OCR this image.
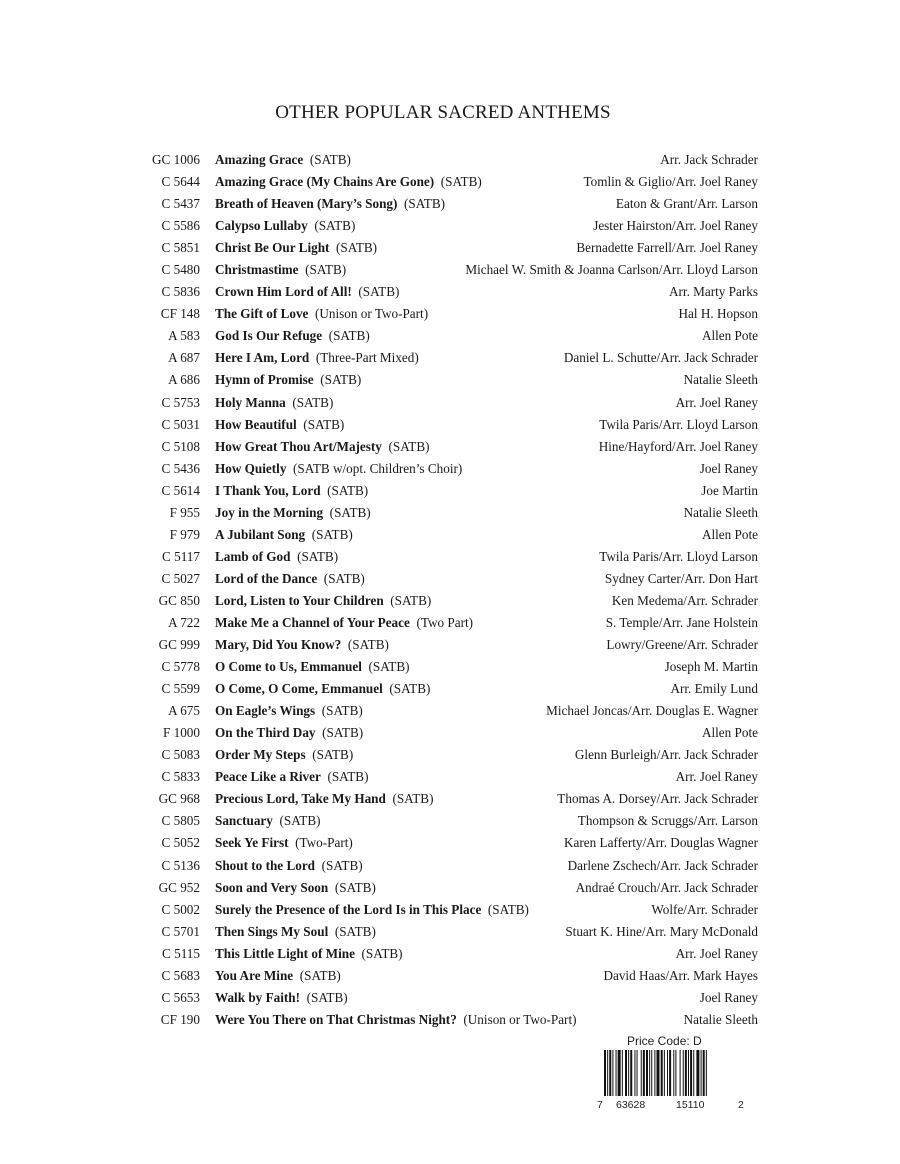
OTHER POPULAR SACRED ANTHEMS
GC 1006 Amazing Grace (SATB)	Arr. Jack Schrader
C 5644 Amazing Grace (My Chains Are Gone) (SATB)	Tomlin & Giglio/Arr. Joel Raney
C 5437 Breath of Heaven (Mary’s Song) (SATB)	Eaton & Grant/Arr. Larson
C 5586 Calypso Lullaby (SATB)	Jester Hairston/Arr. Joel Raney
C 5851 Christ Be Our Light (SATB)	Bernadette Farrell/Arr. Joel Raney
C 5480 Christmastime (SATB)	Michael W. Smith & Joanna Carlson/Arr. Lloyd Larson
C 5836 Crown Him Lord of All! (SATB)	Arr. Marty Parks
CF 148 The Gift of Love (Unison or Two-Part)	Hal H. Hopson
A 583 God Is Our Refuge (SATB)	Allen Pote
A 687 Here I Am, Lord (Three-Part Mixed)	Daniel L. Schutte/Arr. Jack Schrader
A 686 Hymn of Promise (SATB)	Natalie Sleeth
C 5753 Holy Manna (SATB)	Arr. Joel Raney
C 5031 How Beautiful (SATB)	Twila Paris/Arr. Lloyd Larson
C 5108 How Great Thou Art/Majesty (SATB)	Hine/Hayford/Arr. Joel Raney
C 5436 How Quietly (SATB w/opt. Children’s Choir)	Joel Raney
C 5614 I Thank You, Lord (SATB)	Joe Martin
F 955 Joy in the Morning (SATB)	Natalie Sleeth
F 979 A Jubilant Song (SATB)	Allen Pote
C 5117 Lamb of God (SATB)	Twila Paris/Arr. Lloyd Larson
C 5027 Lord of the Dance (SATB)	Sydney Carter/Arr. Don Hart
GC 850 Lord, Listen to Your Children (SATB)	Ken Medema/Arr. Schrader
A 722 Make Me a Channel of Your Peace (Two Part)	S. Temple/Arr. Jane Holstein
GC 999 Mary, Did You Know? (SATB)	Lowry/Greene/Arr. Schrader
C 5778 O Come to Us, Emmanuel (SATB)	Joseph M. Martin
C 5599 O Come, O Come, Emmanuel (SATB)	Arr. Emily Lund
A 675 On Eagle’s Wings (SATB)	Michael Joncas/Arr. Douglas E. Wagner
F 1000 On the Third Day (SATB)	Allen Pote
C 5083 Order My Steps (SATB)	Glenn Burleigh/Arr. Jack Schrader
C 5833 Peace Like a River (SATB)	Arr. Joel Raney
GC 968 Precious Lord, Take My Hand (SATB)	Thomas A. Dorsey/Arr. Jack Schrader
C 5805 Sanctuary (SATB)	Thompson & Scruggs/Arr. Larson
C 5052 Seek Ye First (Two-Part)	Karen Lafferty/Arr. Douglas Wagner
C 5136 Shout to the Lord (SATB)	Darlene Zschech/Arr. Jack Schrader
GC 952 Soon and Very Soon (SATB)	Andraé Crouch/Arr. Jack Schrader
C 5002 Surely the Presence of the Lord Is in This Place (SATB)	Wolfe/Arr. Schrader
C 5701 Then Sings My Soul (SATB)	Stuart K. Hine/Arr. Mary McDonald
C 5115 This Little Light of Mine (SATB)	Arr. Joel Raney
C 5683 You Are Mine (SATB)	David Haas/Arr. Mark Hayes
C 5653 Walk by Faith! (SATB)	Joel Raney
CF 190 Were You There on That Christmas Night? (Unison or Two-Part)	Natalie Sleeth
Price Code: D
7 63628	15110	2
